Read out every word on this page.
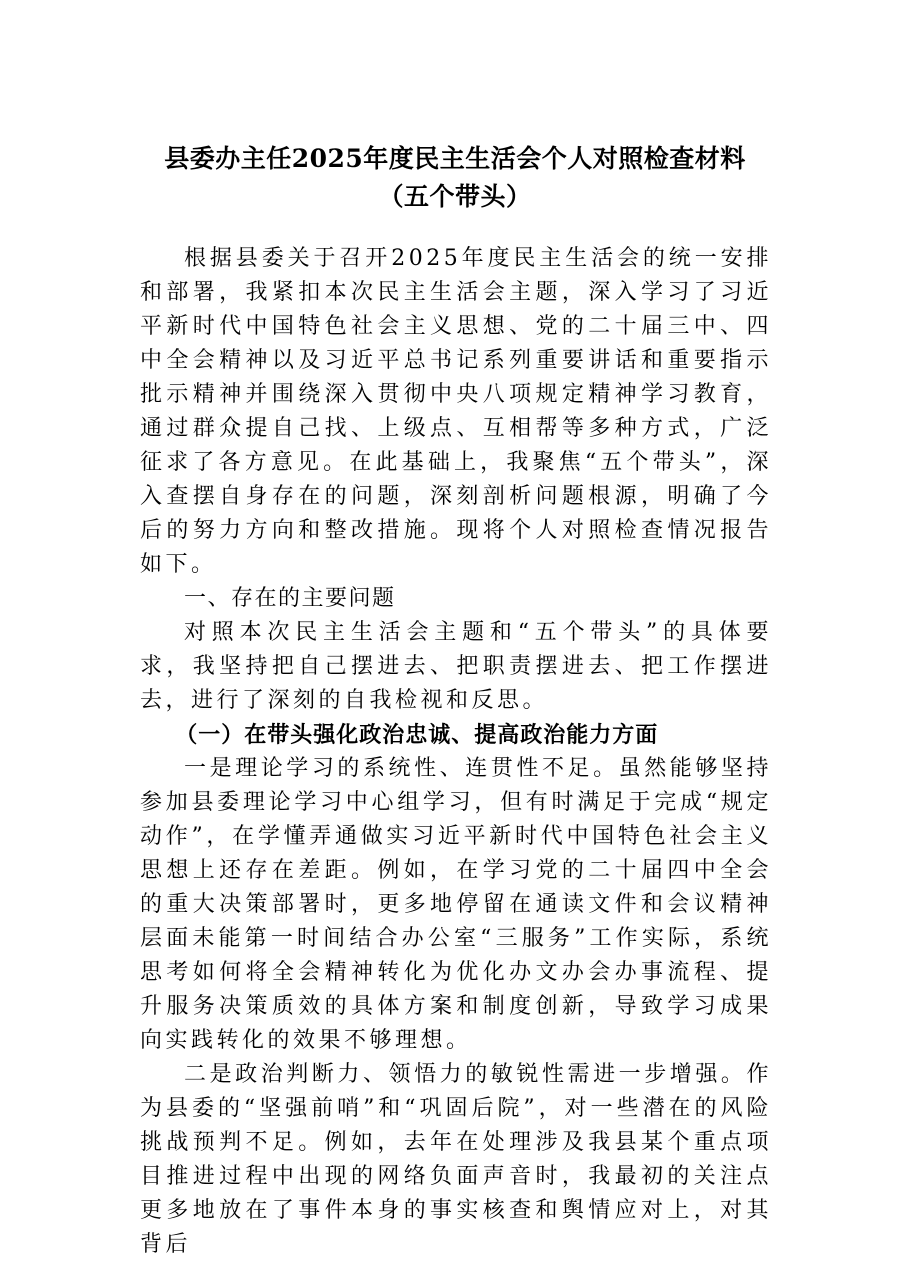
县委办主任2025年度民主生活会个人对照检查材料（五个带头）

根据县委关于召开2025年度民主生活会的统一安排和部署，我紧扣本次民主生活会主题，深入学习了习近平新时代中国特色社会主义思想、党的二十届三中、四中全会精神以及习近平总书记系列重要讲话和重要指示批示精神并围绕深入贯彻中央八项规定精神学习教育，通过群众提自己找、上级点、互相帮等多种方式，广泛征求了各方意见。在此基础上，我聚焦“五个带头”，深入查摆自身存在的问题，深刻剖析问题根源，明确了今后的努力方向和整改措施。现将个人对照检查情况报告如下。

一、存在的主要问题

对照本次民主生活会主题和“五个带头”的具体要求，我坚持把自己摆进去、把职责摆进去、把工作摆进去，进行了深刻的自我检视和反思。

（一）在带头强化政治忠诚、提高政治能力方面

一是理论学习的系统性、连贯性不足。虽然能够坚持参加县委理论学习中心组学习，但有时满足于完成“规定动作”，在学懂弄通做实习近平新时代中国特色社会主义思想上还存在差距。例如，在学习党的二十届四中全会的重大决策部署时，更多地停留在通读文件和会议精神层面未能第一时间结合办公室“三服务”工作实际，系统思考如何将全会精神转化为优化办文办会办事流程、提升服务决策质效的具体方案和制度创新，导致学习成果向实践转化的效果不够理想。

二是政治判断力、领悟力的敏锐性需进一步增强。作为县委的“坚强前哨”和“巩固后院”，对一些潜在的风险挑战预判不足。例如，去年在处理涉及我县某个重点项目推进过程中出现的网络负面声音时，我最初的关注点更多地放在了事件本身的事实核查和舆情应对上，对其背后
